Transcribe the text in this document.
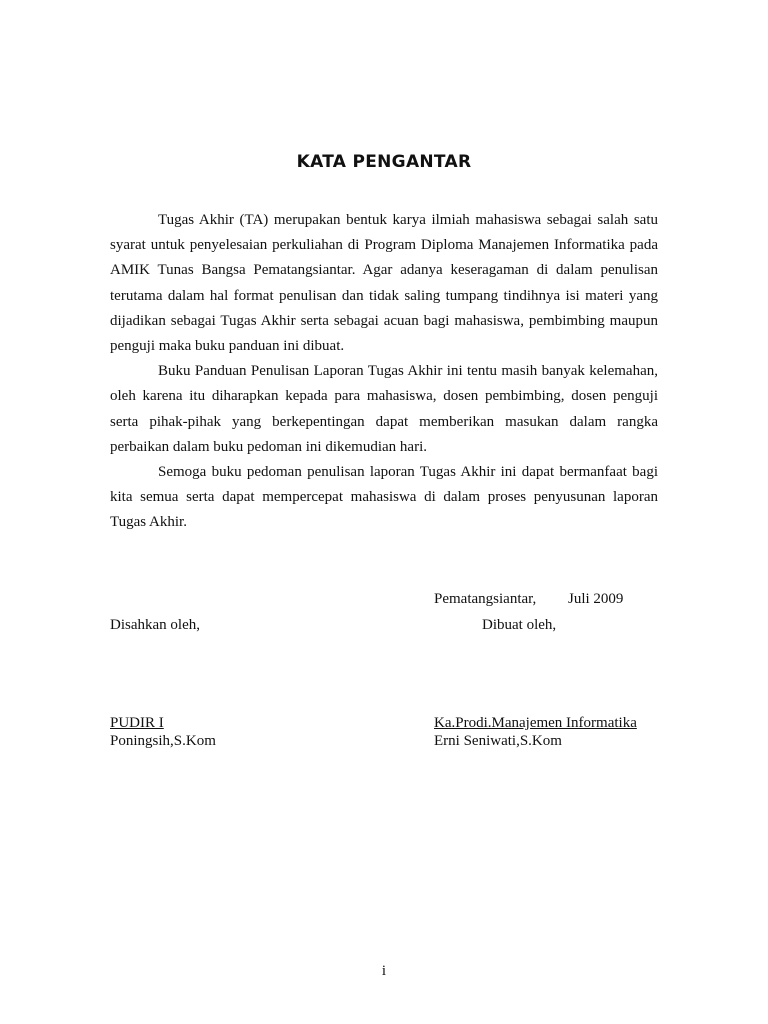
KATA PENGANTAR

Tugas Akhir (TA) merupakan bentuk karya ilmiah mahasiswa sebagai salah satu syarat untuk penyelesaian perkuliahan di Program Diploma Manajemen Informatika pada AMIK Tunas Bangsa Pematangsiantar. Agar adanya keseragaman di dalam penulisan terutama dalam hal format penulisan dan tidak saling tumpang tindihnya isi materi yang dijadikan sebagai Tugas Akhir serta sebagai acuan bagi mahasiswa, pembimbing maupun penguji maka buku panduan ini dibuat.

Buku Panduan Penulisan Laporan Tugas Akhir ini tentu masih banyak kelemahan, oleh karena itu diharapkan kepada para mahasiswa, dosen pembimbing, dosen penguji serta pihak-pihak yang berkepentingan dapat memberikan masukan dalam rangka perbaikan dalam buku pedoman ini dikemudian hari.

Semoga buku pedoman penulisan laporan Tugas Akhir ini dapat bermanfaat bagi kita semua serta dapat mempercepat mahasiswa di dalam proses penyusunan laporan Tugas Akhir.

Pematangsiantar, Juli 2009
Disahkan oleh,	Dibuat oleh,
PUDIR I
Poningsih,S.Kom
Ka.Prodi.Manajemen Informatika
Erni Seniwati,S.Kom
i
